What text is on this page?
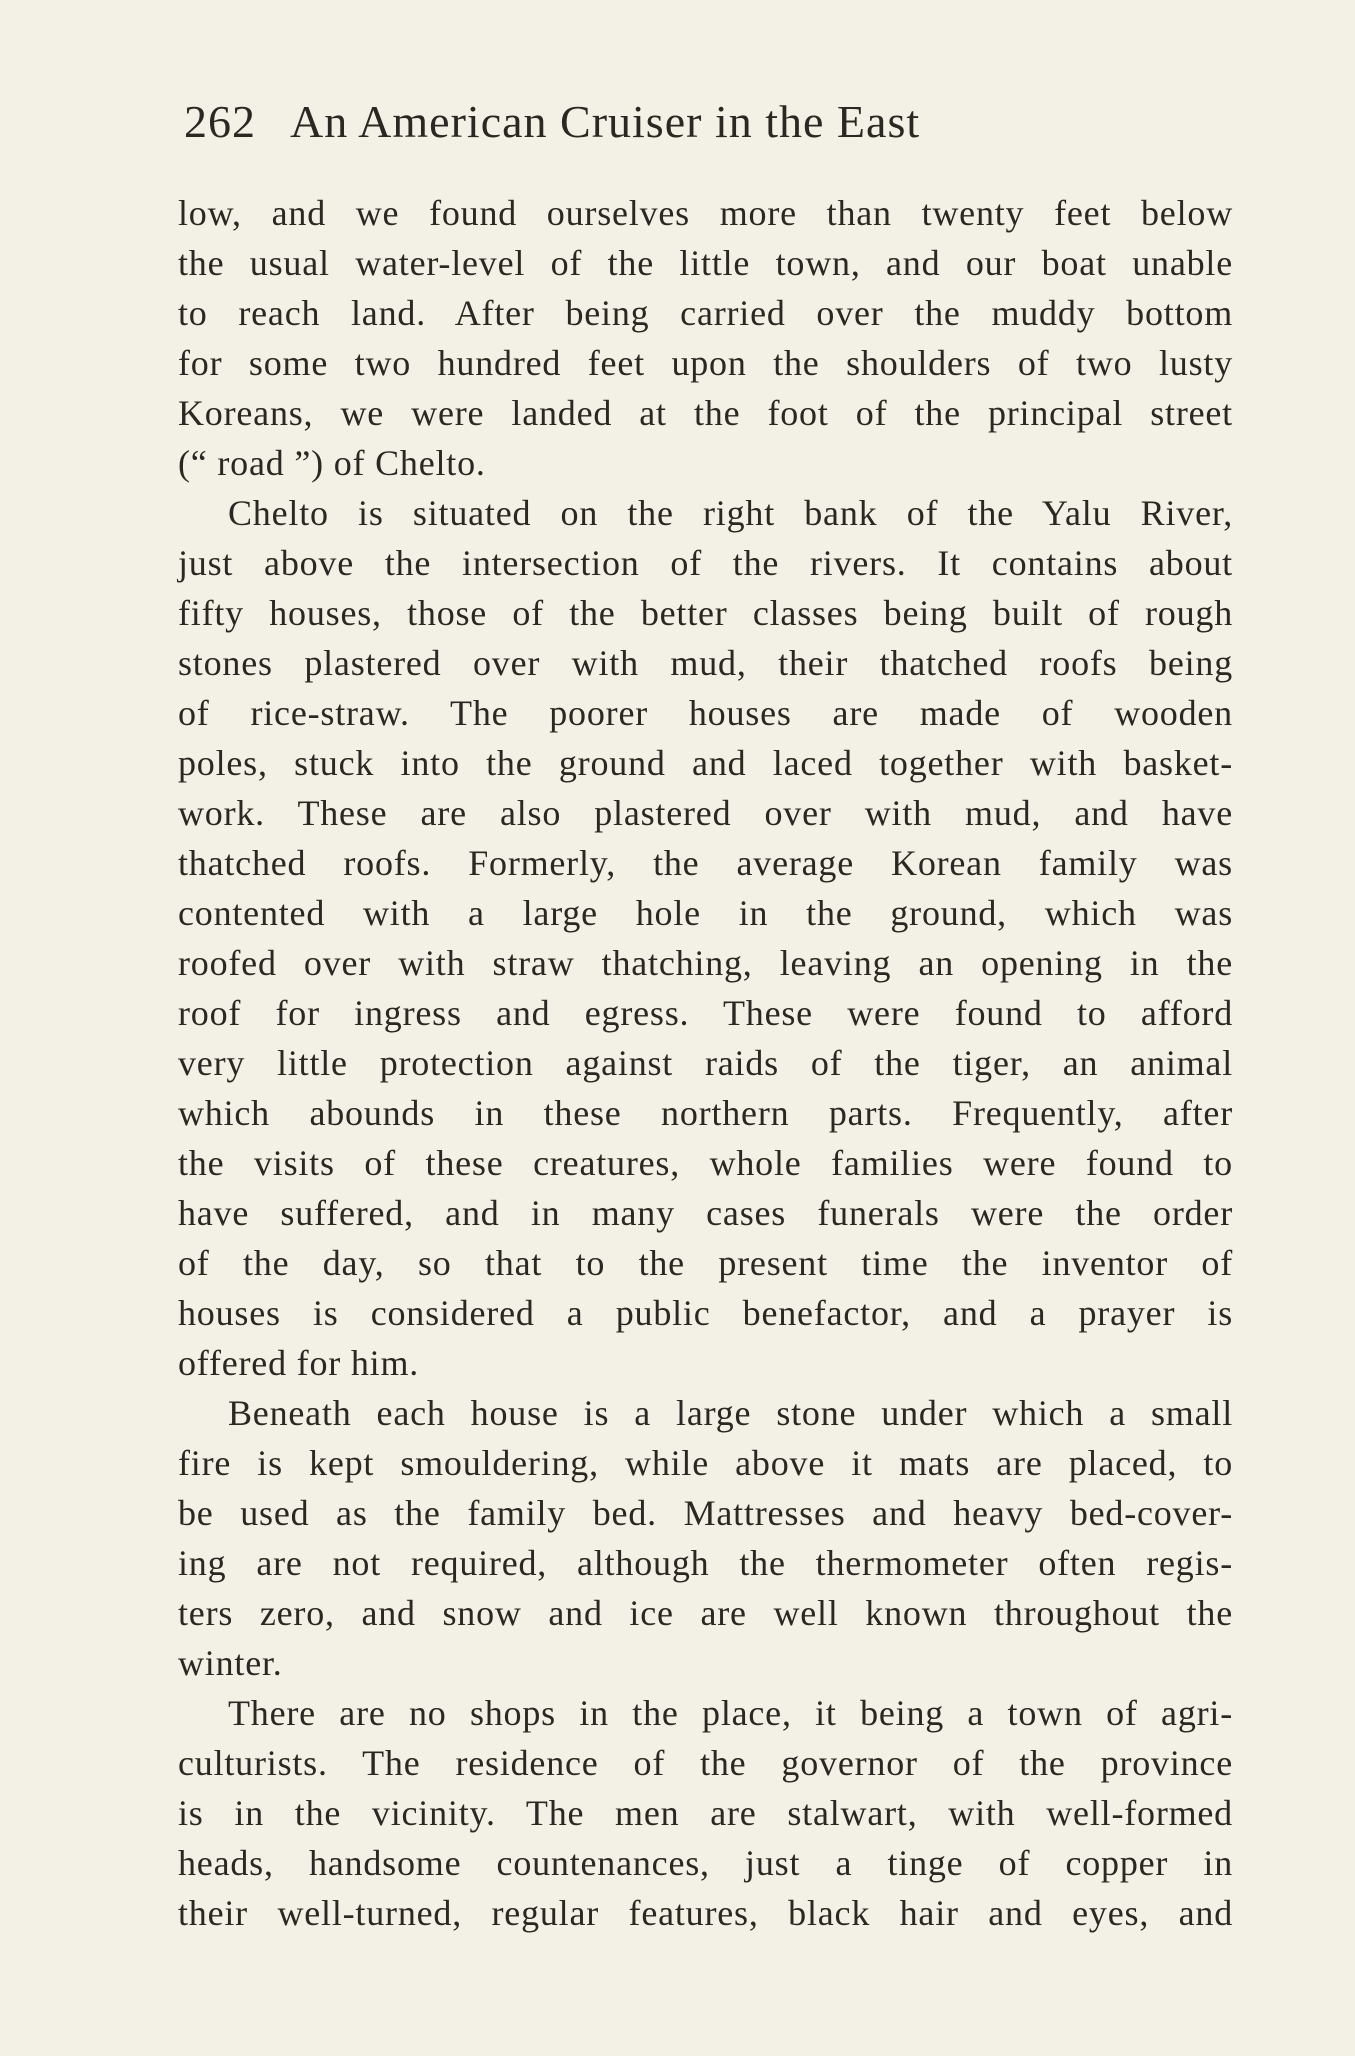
262 An American Cruiser in the East
low, and we found ourselves more than twenty feet below
the usual water-level of the little town, and our boat unable
to reach land. After being carried over the muddy bottom
for some two hundred feet upon the shoulders of two lusty
Koreans, we were landed at the foot of the principal street
(“ road ”) of Chelto.
Chelto is situated on the right bank of the Yalu River,
just above the intersection of the rivers. It contains about
fifty houses, those of the better classes being built of rough
stones plastered over with mud, their thatched roofs being
of rice-straw. The poorer houses are made of wooden
poles, stuck into the ground and laced together with basket-
work. These are also plastered over with mud, and have
thatched roofs. Formerly, the average Korean family was
contented with a large hole in the ground, which was
roofed over with straw thatching, leaving an opening in the
roof for ingress and egress. These were found to afford
very little protection against raids of the tiger, an animal
which abounds in these northern parts. Frequently, after
the visits of these creatures, whole families were found to
have suffered, and in many cases funerals were the order
of the day, so that to the present time the inventor of
houses is considered a public benefactor, and a prayer is
offered for him.
Beneath each house is a large stone under which a small
fire is kept smouldering, while above it mats are placed, to
be used as the family bed. Mattresses and heavy bed-cover-
ing are not required, although the thermometer often regis-
ters zero, and snow and ice are well known throughout the
winter.
There are no shops in the place, it being a town of agri-
culturists. The residence of the governor of the province
is in the vicinity. The men are stalwart, with well-formed
heads, handsome countenances, just a tinge of copper in
their well-turned, regular features, black hair and eyes, and
